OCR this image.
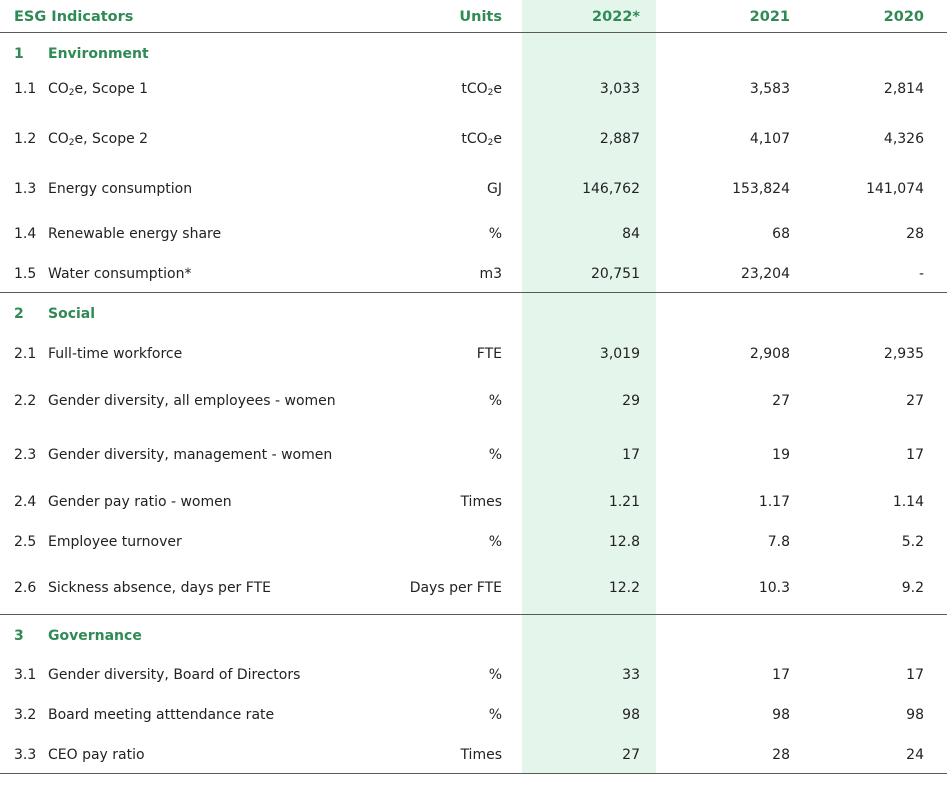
ESG Indicators	Units	2022*	2021	2020
1	Environment
1.1 $CO_2e$, Scope 1	tCO$_2$e	3,033	3,583	2,814
1.2 $CO_2e$, Scope 2	tCO$_2$e	2,887	4,107	4,326
1.3 Energy consumption	GJ	146,762	153,824	141,074
1.4 Renewable energy share	%	84	68	28
1.5 Water consumption*	m3	20,751	23,204	-
2	Social
2.1 Full-time workforce	FTE	3,019	2,908	2,935
2.2 Gender diversity, all employees - women	%	29	27	27
2.3 Gender diversity, management - women	%	17	19	17
2.4 Gender pay ratio - women	Times	1.21	1.17	1.14
2.5 Employee turnover	%	12.8	7.8	5.2
2.6 Sickness absence, days per FTE	Days per FTE	12.2	10.3	9.2
3	Governance
3.1 Gender diversity, Board of Directors	%	33	17	17
3.2 Board meeting atttendance rate	%	98	98	98
3.3 CEO pay ratio	Times	27	28	24
